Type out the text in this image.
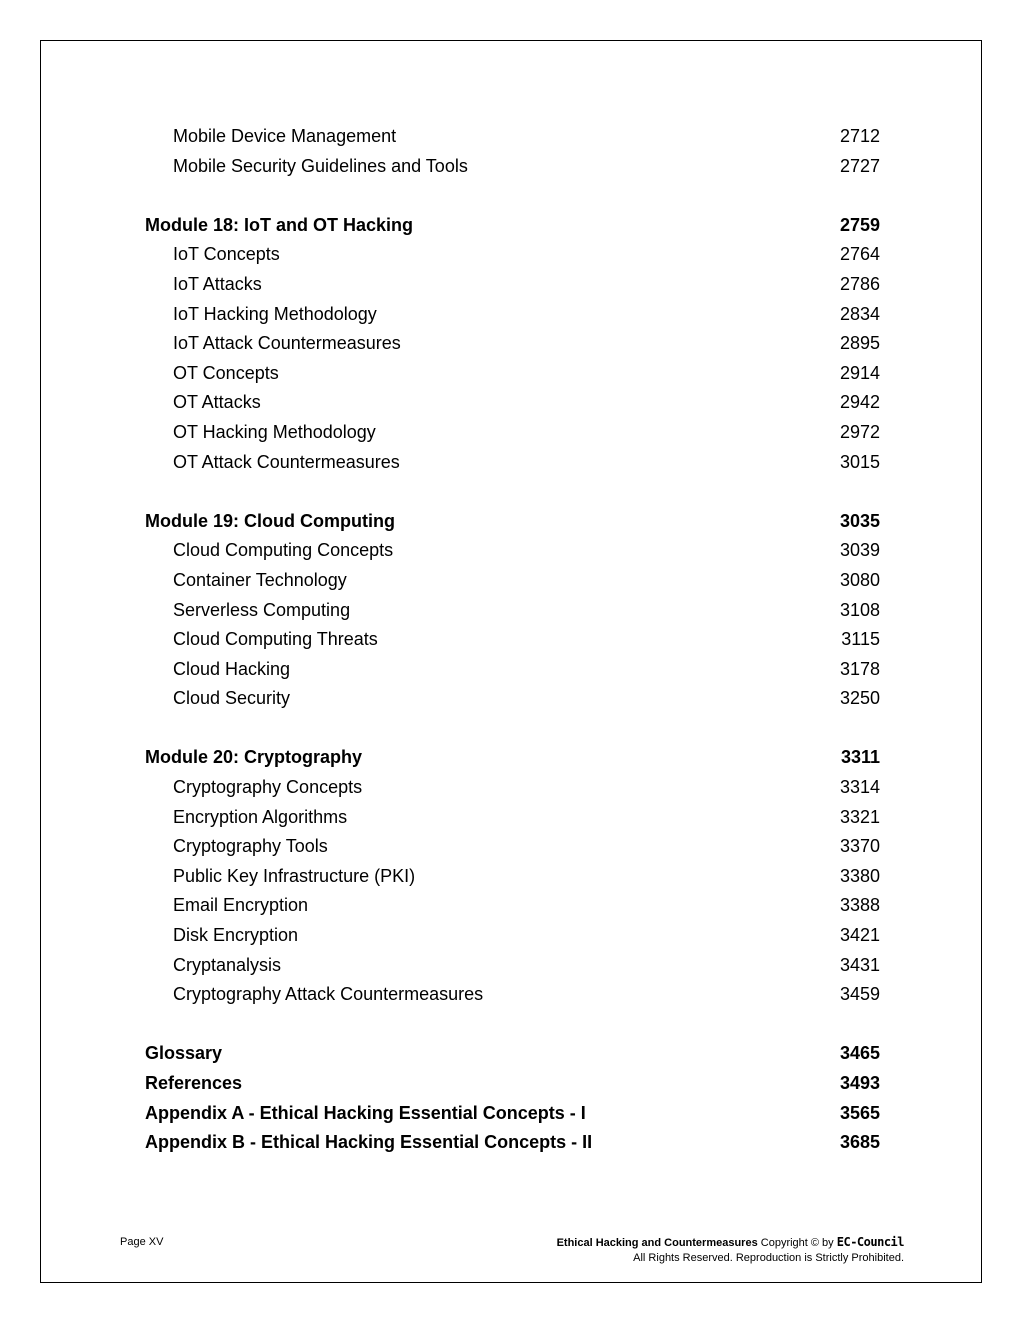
Mobile Device Management	2712
Mobile Security Guidelines and Tools	2727
Module 18: IoT and OT Hacking	2759
IoT Concepts	2764
IoT Attacks	2786
IoT Hacking Methodology	2834
IoT Attack Countermeasures	2895
OT Concepts	2914
OT Attacks	2942
OT Hacking Methodology	2972
OT Attack Countermeasures	3015
Module 19: Cloud Computing	3035
Cloud Computing Concepts	3039
Container Technology	3080
Serverless Computing	3108
Cloud Computing Threats	3115
Cloud Hacking	3178
Cloud Security	3250
Module 20: Cryptography	3311
Cryptography Concepts	3314
Encryption Algorithms	3321
Cryptography Tools	3370
Public Key Infrastructure (PKI)	3380
Email Encryption	3388
Disk Encryption	3421
Cryptanalysis	3431
Cryptography Attack Countermeasures	3459
Glossary	3465
References	3493
Appendix A - Ethical Hacking Essential Concepts - I	3565
Appendix B - Ethical Hacking Essential Concepts - II	3685
Page XV	Ethical Hacking and Countermeasures Copyright © by EC-Council
All Rights Reserved. Reproduction is Strictly Prohibited.
